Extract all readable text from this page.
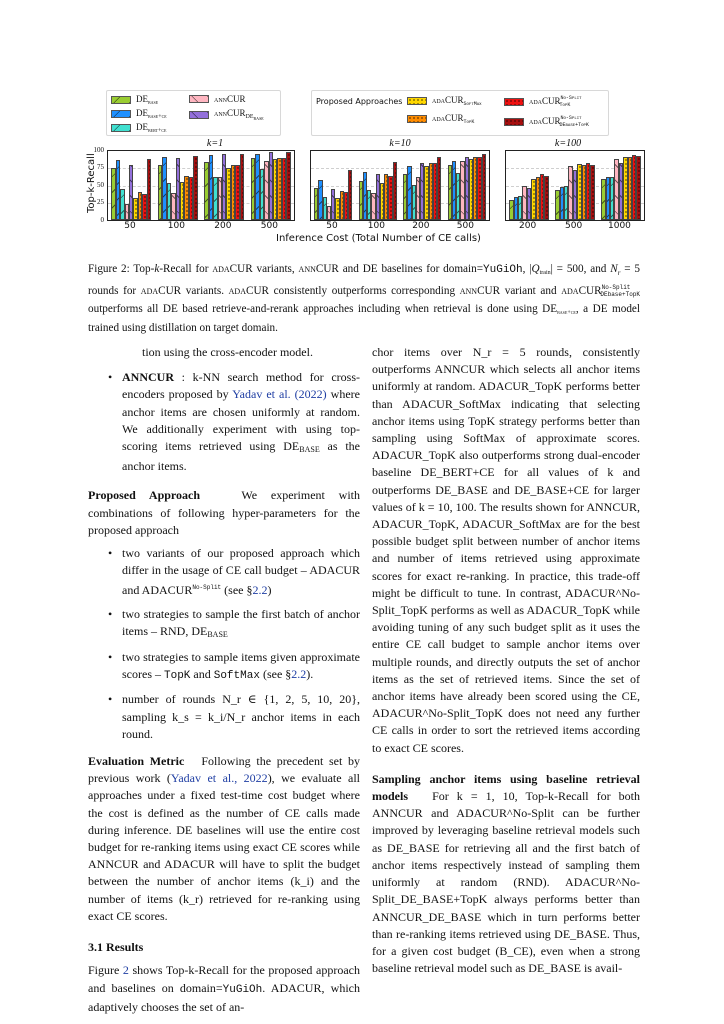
$DE_{base}$
$DE_{base+ce}$
$DE_{bert+ce}$
annCUR
annCUR$_{DE_{base}}$
Proposed Approaches	adaCUR$_{SoftMax}$
adaCUR$_{TopK}$
adaCUR$^{No-Split}_{TopK}$
adaCUR$^{No-Split}_{DEbase+TopK}$
Top-k-Recall
100
75
50
25
0
k=1	k=10	k=100
50	100	200	500	50	100	200	500	200	500	1000
Inference Cost (Total Number of CE calls)
Figure 2: Top-k-Recall for adaCUR variants, annCUR and DE baselines for domain=YuGiOh, $|Q_{train}| = 500$, and $N_r = 5$ rounds for adaCUR variants. adaCUR consistently outperforms corresponding annCUR variant and adaCUR$^{No-Split}_{DEbase+TopK}$ outperforms all DE based retrieve-and-rerank approaches including when retrieval is done using $DE_{base+ce}$, a DE model trained using distillation on target domain.

tion using the cross-encoder model.

• ANNCUR : k-NN search method for cross-encoders proposed by Yadav et al. (2022) where anchor items are chosen uniformly at random. We additionally experiment with using top-scoring items retrieved using $DE_{BASE}$ as the anchor items.

Proposed Approach	We experiment with combinations of following hyper-parameters for the proposed approach

• two variants of our proposed approach which differ in the usage of CE call budget – ADACUR and $ADACUR^{No-Split}$ (see §2.2)
• two strategies to sample the first batch of anchor items – RND, $DE_{BASE}$
• two strategies to sample items given approximate scores – TopK and SoftMax (see §2.2).
• number of rounds N_r ∈ {1, 2, 5, 10, 20}, sampling k_s = k_i/N_r anchor items in each round.

Evaluation Metric Following the precedent set by previous work (Yadav et al., 2022), we evaluate all approaches under a fixed test-time cost budget where the cost is defined as the number of CE calls made during inference. DE baselines will use the entire cost budget for re-ranking items using exact CE scores while ANNCUR and ADACUR will have to split the budget between the number of anchor items (k_i) and the number of items (k_r) retrieved for re-ranking using exact CE scores.

3.1 Results

Figure 2 shows Top-k-Recall for the proposed approach and baselines on domain=YuGiOh. ADACUR, which adaptively chooses the set of an-

chor items over N_r = 5 rounds, consistently outperforms ANNCUR which selects all anchor items uniformly at random. ADACUR_TopK performs better than ADACUR_SoftMax indicating that selecting anchor items using TopK strategy performs better than sampling using SoftMax of approximate scores. ADACUR_TopK also outperforms strong dual-encoder baseline DE_BERT+CE for all values of k and outperforms DE_BASE and DE_BASE+CE for larger values of k = 10, 100. The results shown for ANNCUR, ADACUR_TopK, ADACUR_SoftMax are for the best possible budget split between number of anchor items and number of items retrieved using approximate scores for exact re-ranking. In practice, this trade-off might be difficult to tune. In contrast, ADACUR^No-Split_TopK performs as well as ADACUR_TopK while avoiding tuning of any such budget split as it uses the entire CE call budget to sample anchor items over multiple rounds, and directly outputs the set of anchor items as the set of retrieved items. Since the set of anchor items have already been scored using the CE, ADACUR^No-Split_TopK does not need any further CE calls in order to sort the retrieved items according to exact CE scores.

Sampling anchor items using baseline retrieval models For k = 1, 10, Top-k-Recall for both ANNCUR and ADACUR^No-Split can be further improved by leveraging baseline retrieval models such as DE_BASE for retrieving all and the first batch of anchor items respectively instead of sampling them uniformly at random (RND). ADACUR^No-Split_DE_BASE+TopK always performs better than ANNCUR_DE_BASE which in turn performs better than re-ranking items retrieved using DE_BASE. Thus, for a given cost budget (B_CE), even when a strong baseline retrieval model such as DE_BASE is avail-
